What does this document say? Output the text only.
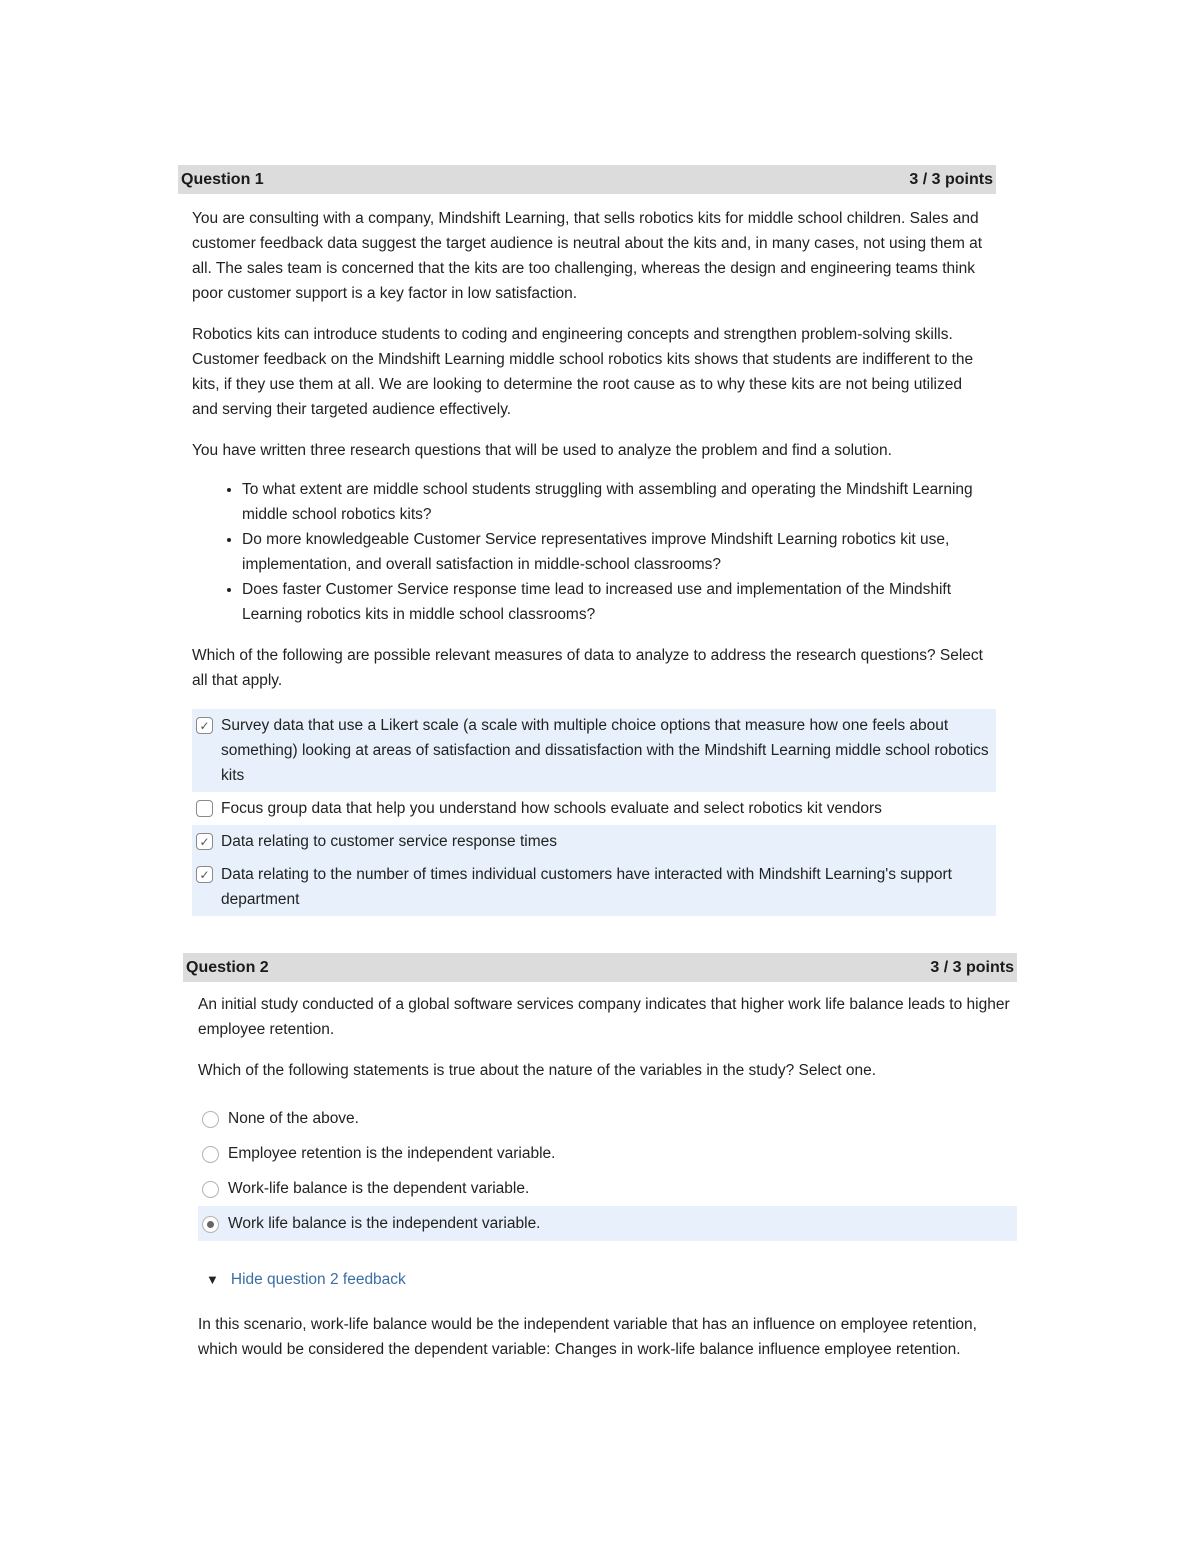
Question 1	3 / 3 points

You are consulting with a company, Mindshift Learning, that sells robotics kits for middle school children. Sales and customer feedback data suggest the target audience is neutral about the kits and, in many cases, not using them at all. The sales team is concerned that the kits are too challenging, whereas the design and engineering teams think poor customer support is a key factor in low satisfaction.

Robotics kits can introduce students to coding and engineering concepts and strengthen problem-solving skills. Customer feedback on the Mindshift Learning middle school robotics kits shows that students are indifferent to the kits, if they use them at all. We are looking to determine the root cause as to why these kits are not being utilized and serving their targeted audience effectively.

You have written three research questions that will be used to analyze the problem and find a solution.

• To what extent are middle school students struggling with assembling and operating the Mindshift Learning middle school robotics kits?
• Do more knowledgeable Customer Service representatives improve Mindshift Learning robotics kit use, implementation, and overall satisfaction in middle-school classrooms?
• Does faster Customer Service response time lead to increased use and implementation of the Mindshift Learning robotics kits in middle school classrooms?

Which of the following are possible relevant measures of data to analyze to address the research questions? Select all that apply.

✓ Survey data that use a Likert scale (a scale with multiple choice options that measure how one feels about something) looking at areas of satisfaction and dissatisfaction with the Mindshift Learning middle school robotics kits
Focus group data that help you understand how schools evaluate and select robotics kit vendors
✓ Data relating to customer service response times
✓ Data relating to the number of times individual customers have interacted with Mindshift Learning's support department
Question 2	3 / 3 points

An initial study conducted of a global software services company indicates that higher work life balance leads to higher employee retention.

Which of the following statements is true about the nature of the variables in the study? Select one.

None of the above.
Employee retention is the independent variable.
Work-life balance is the dependent variable.
Work life balance is the independent variable.
▼ Hide question 2 feedback

In this scenario, work-life balance would be the independent variable that has an influence on employee retention, which would be considered the dependent variable: Changes in work-life balance influence employee retention.
